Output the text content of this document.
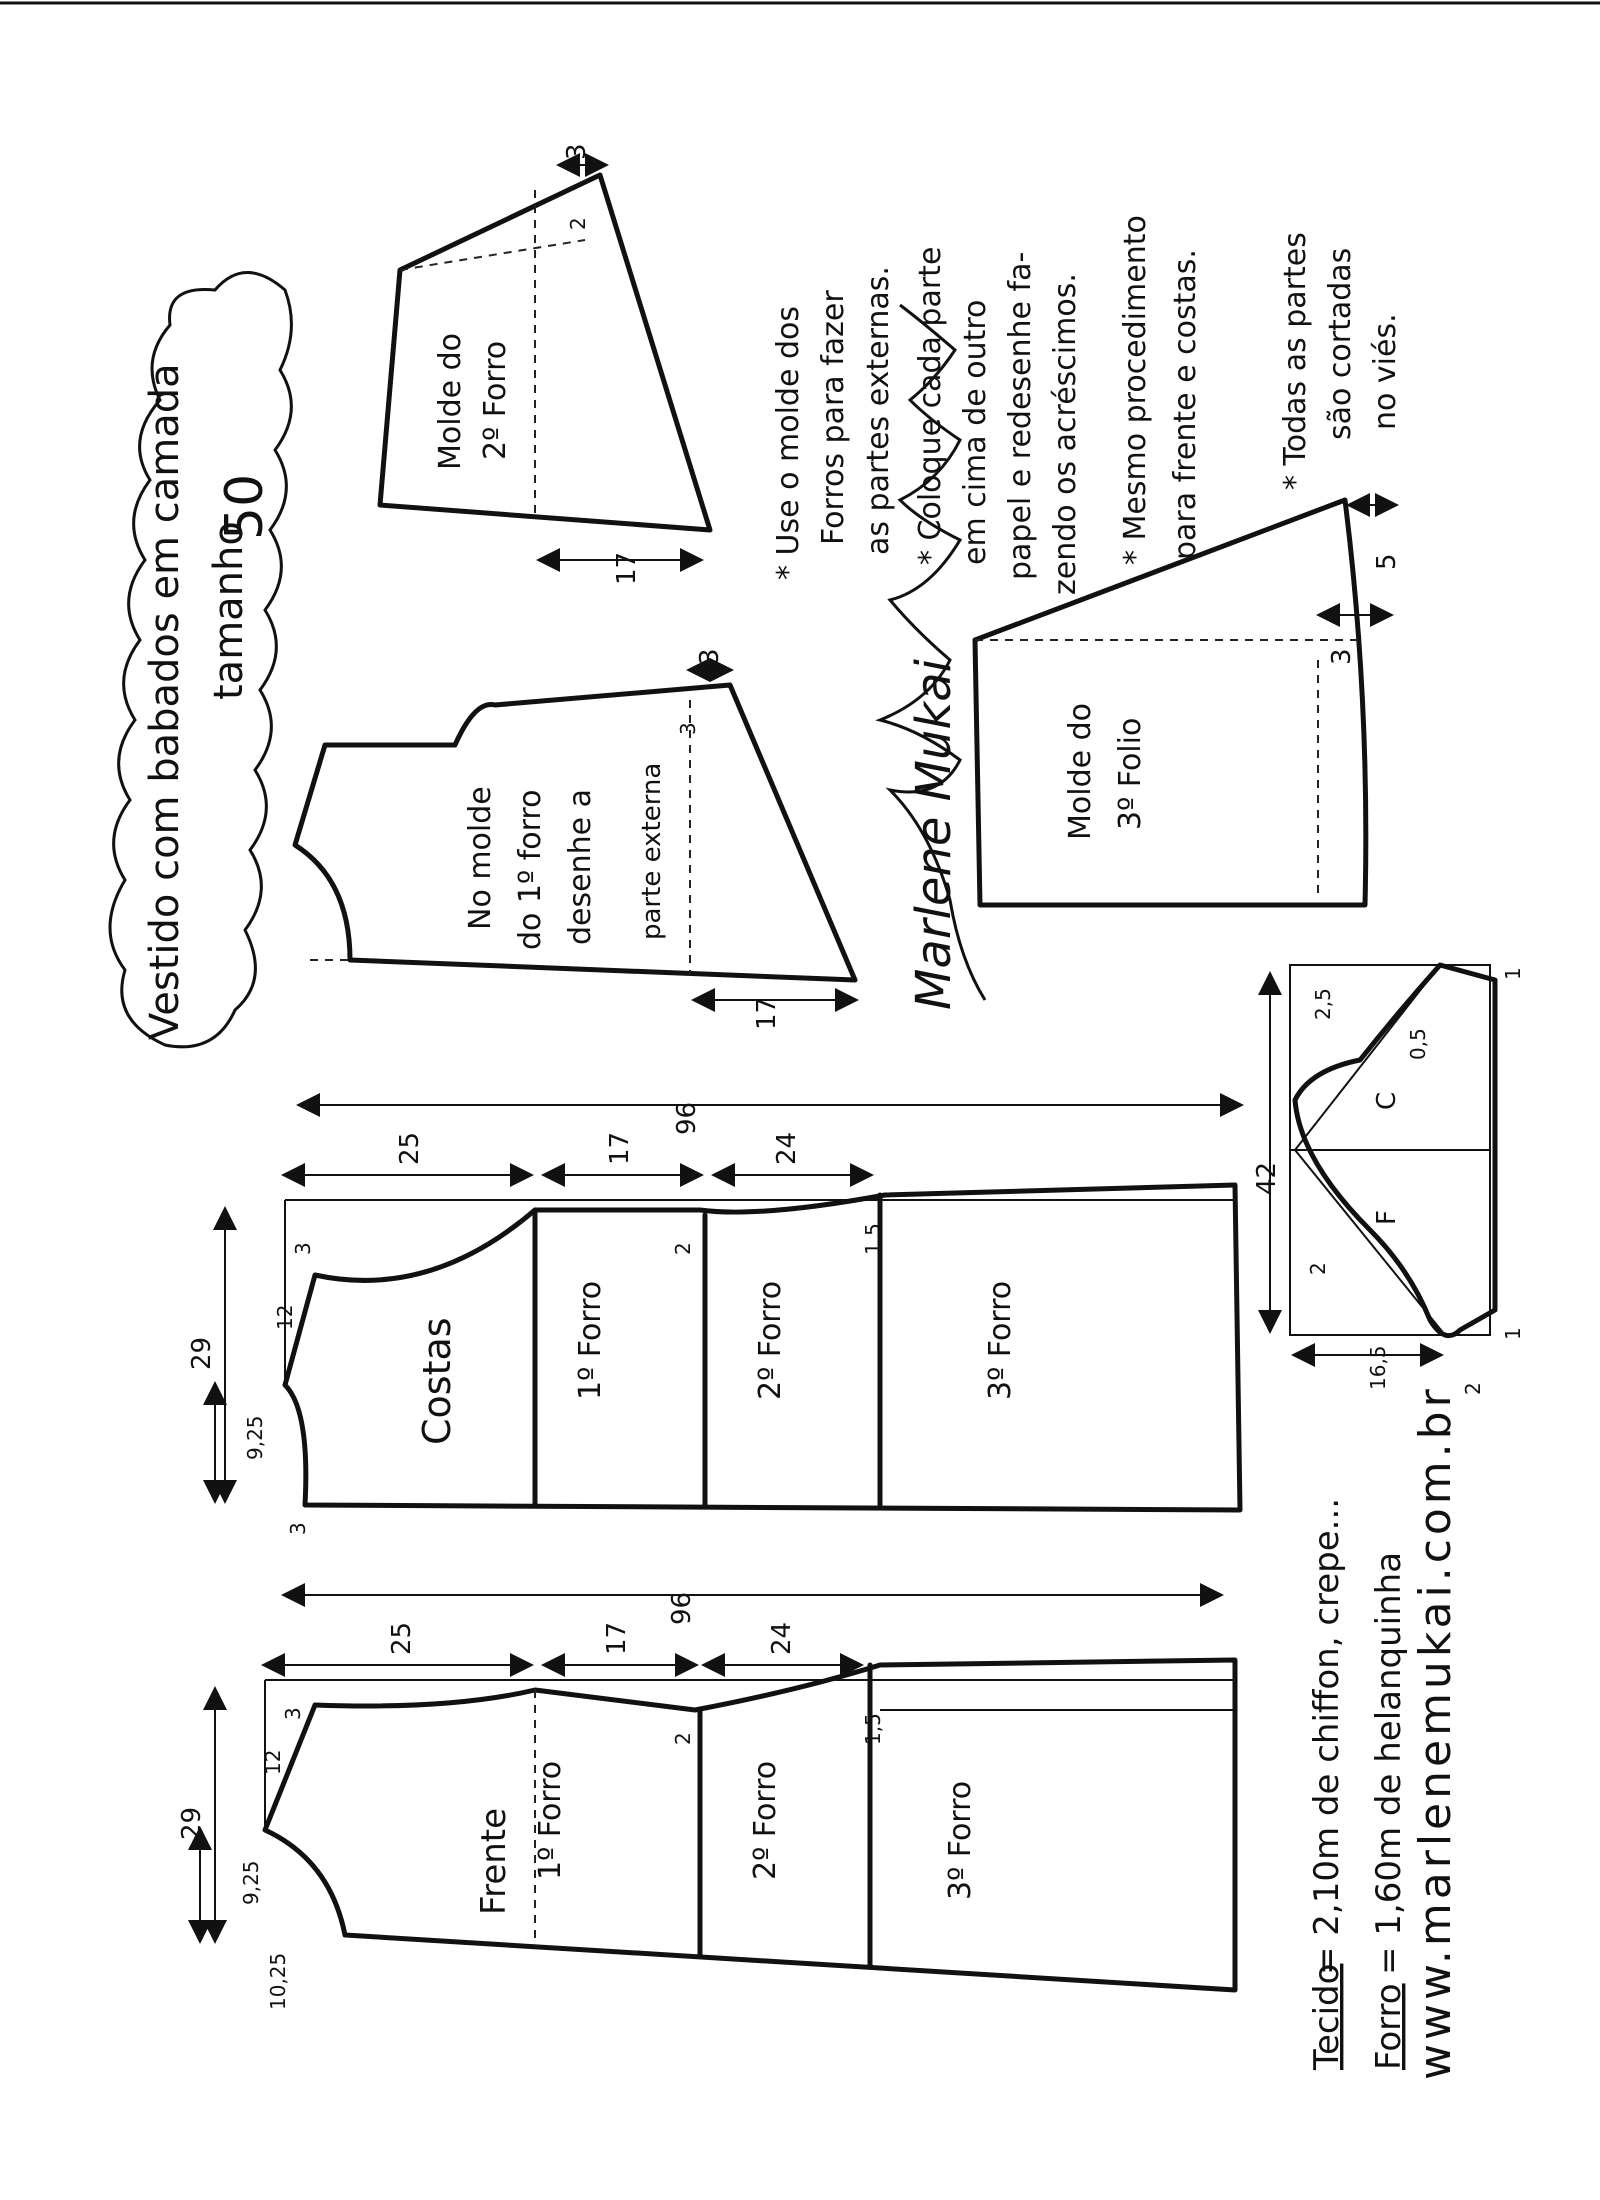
Vestido com babados em camada tamanho
50
Molde do 2º Forro
3
2
17
No molde do 1º forro desenhe a parte externa
3
3
17
Marlene Mukai
* Use o molde dos Forros para fazer as partes externas. * Coloque cada parte em cima de outro papel e redesenhe fa- zendo os acréscimos. * Mesmo procedimento para frente e costas.	* Todas as partes são cortadas no viés.
Molde do 3º Folio
5
3
96
Costas	1º Forro	2º Forro	3º Forro
25	17	24
29
12
3
9,25
3
2	1,5
96
Frente 1º Forro	2º Forro	3º Forro
25	17	24
29
12
3
9,25
10,25
2	1,5
C
F
42
2,5
0,5
1
2
1
16,5	2
Tecido
= 2,10m de chiffon, crepe...
Forro
= 1,60m de helanquinha www.marlenemukai.com.br
